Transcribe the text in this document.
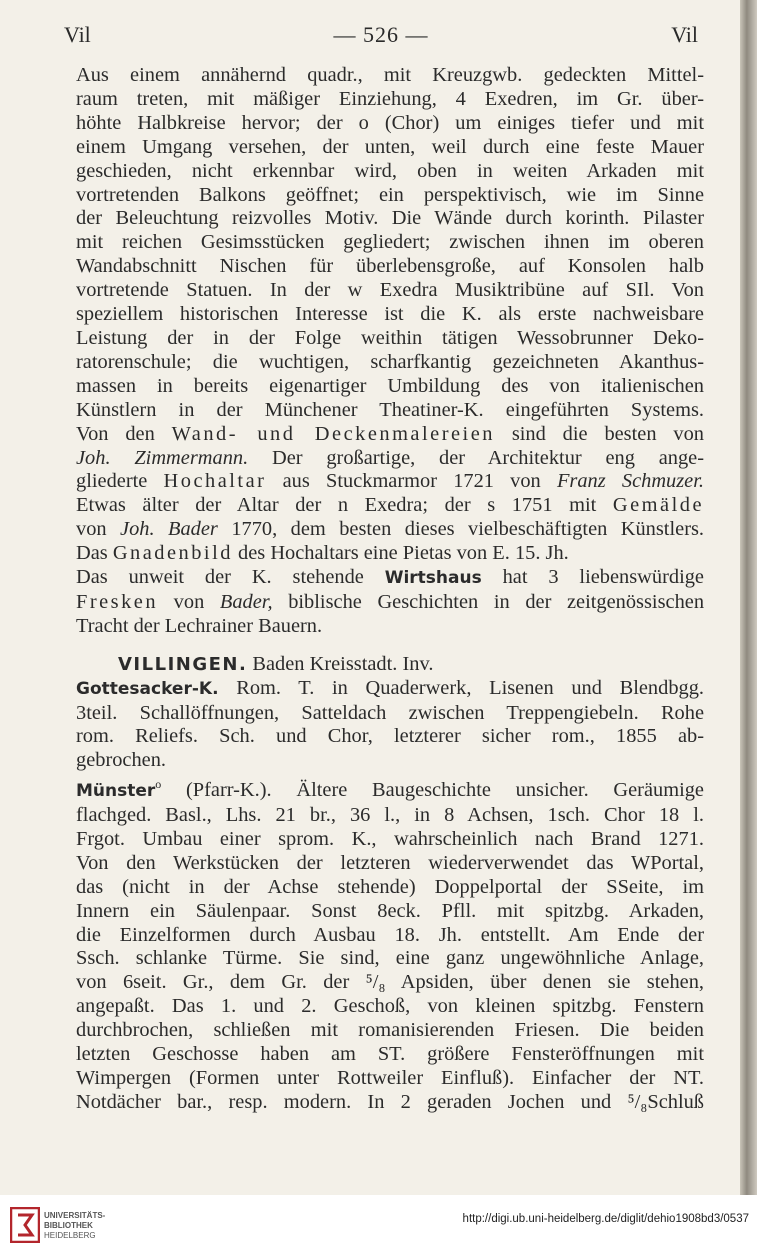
Vil	— 526 —	Vil
Aus einem annähernd quadr., mit Kreuzgwb. gedeckten Mittel-
raum treten, mit mäßiger Einziehung, 4 Exedren, im Gr. über-
höhte Halbkreise hervor; der o (Chor) um einiges tiefer und mit
einem Umgang versehen, der unten, weil durch eine feste Mauer
geschieden, nicht erkennbar wird, oben in weiten Arkaden mit
vortretenden Balkons geöffnet; ein perspektivisch, wie im Sinne
der Beleuchtung reizvolles Motiv. Die Wände durch korinth. Pilaster
mit reichen Gesimsstücken gegliedert; zwischen ihnen im oberen
Wandabschnitt Nischen für überlebensgroße, auf Konsolen halb
vortretende Statuen. In der w Exedra Musiktribüne auf SIl. Von
speziellem historischen Interesse ist die K. als erste nachweisbare
Leistung der in der Folge weithin tätigen Wessobrunner Deko-
ratorenschule; die wuchtigen, scharfkantig gezeichneten Akanthus-
massen in bereits eigenartiger Umbildung des von italienischen
Künstlern in der Münchener Theatiner-K. eingeführten Systems.
Von den Wand- und Deckenmalereien sind die besten von
Joh. Zimmermann. Der großartige, der Architektur eng ange-
gliederte Hochaltar aus Stuckmarmor 1721 von Franz Schmuzer.
Etwas älter der Altar der n Exedra; der s 1751 mit Gemälde
von Joh. Bader 1770, dem besten dieses vielbeschäftigten Künstlers.
Das Gnadenbild des Hochaltars eine Pietas von E. 15. Jh.
Das unweit der K. stehende Wirtshaus hat 3 liebenswürdige
Fresken von Bader, biblische Geschichten in der zeitgenössischen
Tracht der Lechrainer Bauern.
VILLINGEN. Baden Kreisstadt. Inv.
Gottesacker-K. Rom. T. in Quaderwerk, Lisenen und Blendbgg.
3teil. Schallöffnungen, Satteldach zwischen Treppengiebeln. Rohe
rom. Reliefs. Sch. und Chor, letzterer sicher rom., 1855 ab-
gebrochen.
Münster$^o$ (Pfarr-K.). Ältere Baugeschichte unsicher. Geräumige
flachged. Basl., Lhs. 21 br., 36 l., in 8 Achsen, 1sch. Chor 18 l.
Frgot. Umbau einer sprom. K., wahrscheinlich nach Brand 1271.
Von den Werkstücken der letzteren wiederverwendet das WPortal,
das (nicht in der Achse stehende) Doppelportal der SSeite, im
Innern ein Säulenpaar. Sonst 8eck. Pfll. mit spitzbg. Arkaden,
die Einzelformen durch Ausbau 18. Jh. entstellt. Am Ende der
Ssch. schlanke Türme. Sie sind, eine ganz ungewöhnliche Anlage,
von 6seit. Gr., dem Gr. der ⁵/₈ Apsiden, über denen sie stehen,
angepaßt. Das 1. und 2. Geschoß, von kleinen spitzbg. Fenstern
durchbrochen, schließen mit romanisierenden Friesen. Die beiden
letzten Geschosse haben am ST. größere Fensteröffnungen mit
Wimpergen (Formen unter Rottweiler Einfluß). Einfacher der NT.
Notdächer bar., resp. modern. In 2 geraden Jochen und ⁵/₈Schluß
UNIVERSITÄTS-
BIBLIOTHEK
HEIDELBERG
http://digi.ub.uni-heidelberg.de/diglit/dehio1908bd3/0537
